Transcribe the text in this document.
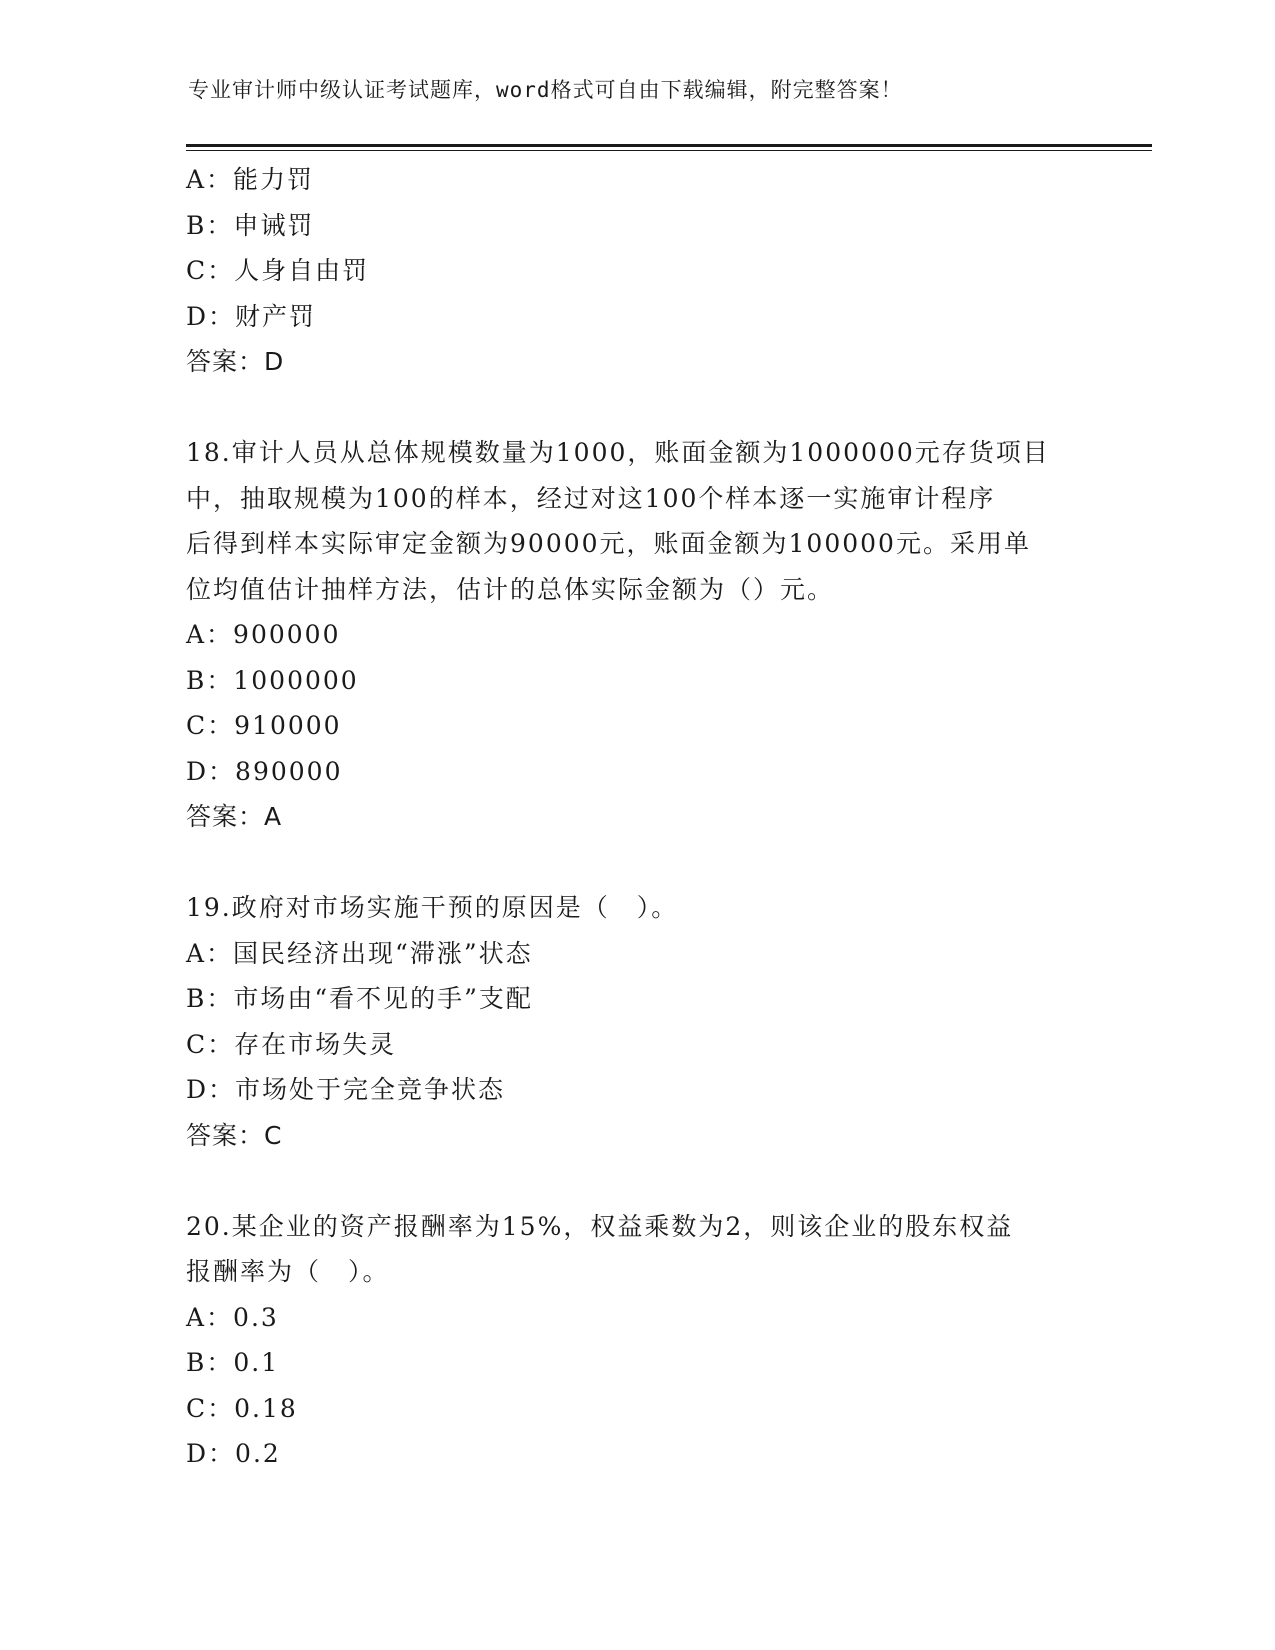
专业审计师中级认证考试题库，word格式可自由下载编辑，附完整答案！
A：能力罚
B：申诫罚
C：人身自由罚
D：财产罚
答案：D
18.审计人员从总体规模数量为1000，账面金额为1000000元存货项目
中，抽取规模为100的样本，经过对这100个样本逐一实施审计程序
后得到样本实际审定金额为90000元，账面金额为100000元。采用单
位均值估计抽样方法，估计的总体实际金额为（）元。
A：900000
B：1000000
C：910000
D：890000
答案：A
19.政府对市场实施干预的原因是（　）。
A：国民经济出现“滞涨”状态
B：市场由“看不见的手”支配
C：存在市场失灵
D：市场处于完全竞争状态
答案：C
20.某企业的资产报酬率为15%，权益乘数为2，则该企业的股东权益
报酬率为（　）。
A：0.3
B：0.1
C：0.18
D：0.2
